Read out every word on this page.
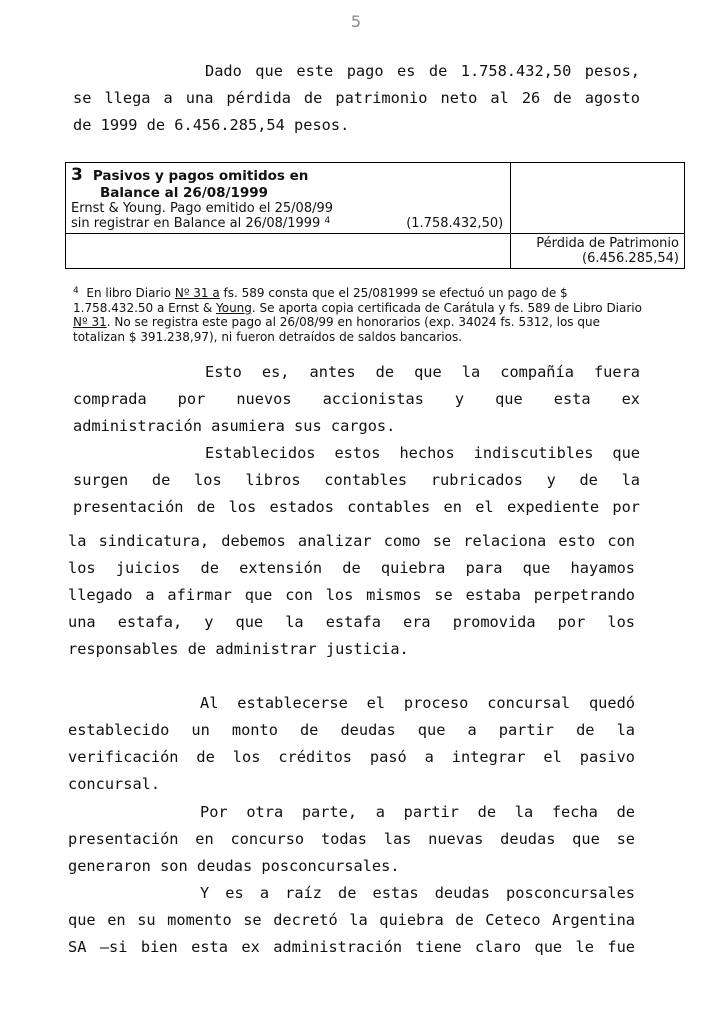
5
Dado que este pago es de 1.758.432,50 pesos,
se llega a una pérdida de patrimonio neto al 26 de agosto
de 1999 de 6.456.285,54 pesos.
3 Pasivos y pagos omitidos en
Balance al 26/08/1999
Ernst & Young. Pago emitido el 25/08/99
sin registrar en Balance al 26/08/1999 $^4$ (1.758.432,50)	

	Pérdida de Patrimonio
(6.456.285,54)
$^4$ En libro Diario Nº 31 a fs. 589 consta que el 25/081999 se efectuó un pago de $ 1.758.432.50 a Ernst & Young. Se aporta copia certificada de Carátula y fs. 589 de Libro Diario Nº 31. No se registra este pago al 26/08/99 en honorarios (exp. 34024 fs. 5312, los que totalizan $ 391.238,97), ni fueron detraídos de saldos bancarios.
Esto es, antes de que la compañía fuera
comprada por nuevos accionistas y que esta ex
administración asumiera sus cargos.
Establecidos estos hechos indiscutibles que
surgen de los libros contables rubricados y de la
presentación de los estados contables en el expediente por
la sindicatura, debemos analizar como se relaciona esto con
los juicios de extensión de quiebra para que hayamos
llegado a afirmar que con los mismos se estaba perpetrando
una estafa, y que la estafa era promovida por los
responsables de administrar justicia.
Al establecerse el proceso concursal quedó
establecido un monto de deudas que a partir de la
verificación de los créditos pasó a integrar el pasivo
concursal.
Por otra parte, a partir de la fecha de
presentación en concurso todas las nuevas deudas que se
generaron son deudas posconcursales.
Y es a raíz de estas deudas posconcursales
que en su momento se decretó la quiebra de Ceteco Argentina
SA –si bien esta ex administración tiene claro que le fue
